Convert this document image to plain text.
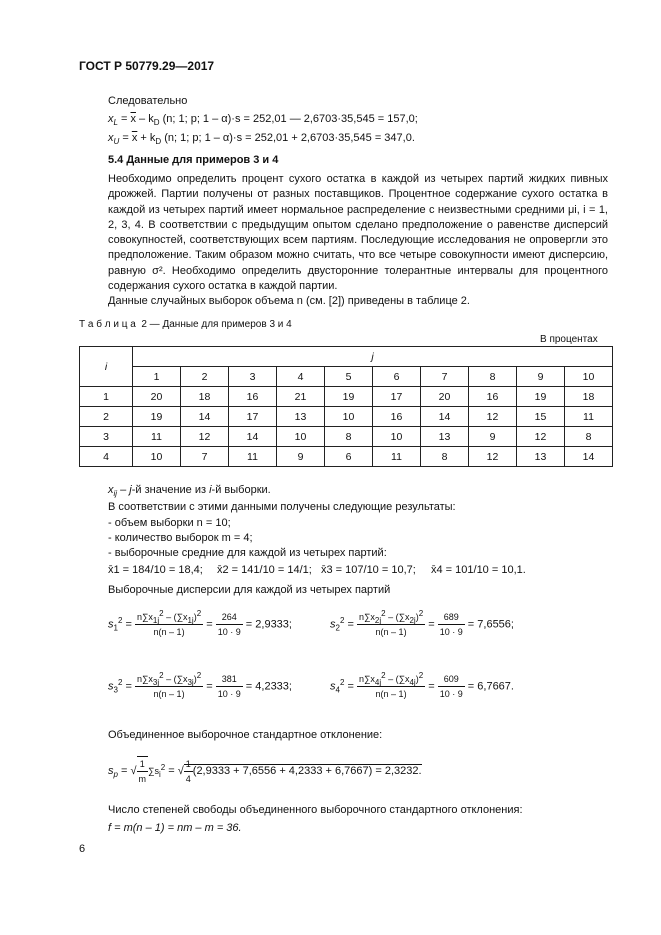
ГОСТ Р 50779.29—2017
Следовательно
$x_L = \overline{x} - k_D$ (n; 1; p; 1 – α)·s = 252,01 — 2,6703·35,545 = 157,0;
$x_U = \overline{x} + k_D$ (n; 1; p; 1 – α)·s = 252,01 + 2,6703·35,545 = 347,0.
5.4 Данные для примеров 3 и 4
Необходимо определить процент сухого остатка в каждой из четырех партий жидких пивных дрожжей. Партии получены от разных поставщиков. Процентное содержание сухого остатка в каждой из четырех партий имеет нормальное распределение с неизвестными средними μi, i = 1, 2, 3, 4. В соответствии с предыдущим опытом сделано предположение о равенстве дисперсий совокупностей, соответствующих всем партиям. Последующие исследования не опровергли это предположение. Таким образом можно считать, что все четыре совокупности имеют дисперсию, равную σ². Необходимо определить двусторонние толерантные интервалы для процентного содержания сухого остатка в каждой партии.
Данные случайных выборок объема n (см. [2]) приведены в таблице 2.
Т а б л и ц а 2 — Данные для примеров 3 и 4
В процентах
i	j									
	1	2	3	4	5	6	7	8	9	10
1	20	18	16	21	19	17	20	16	19	18
2	19	14	17	13	10	16	14	12	15	11
3	11	12	14	10	8	10	13	9	12	8
4	10	7	11	9	6	11	8	12	13	14
$x_{ij} - j-й$ значение из i-й выборки.
В соответствии с этими данными получены следующие результаты:
- объем выборки n = 10;
- количество выборок m = 4;
- выборочные средние для каждой из четырех партий:
x̄1 = 184/10 = 18,4; x̄2 = 141/10 = 14/1; x̄3 = 107/10 = 10,7; x̄4 = 101/10 = 10,1.
Выборочные дисперсии для каждой из четырех партий
$s_1^2 = \frac{n\sum x_{1j}^2 - (\sum x_{1j})^2}{n(n - 1)} = \frac{264}{10 \cdot 9} = 2,9333$;	$s_2^2 = \frac{n\sum x_{2j}^2 - (\sum x_{2j})^2}{n(n - 1)} = \frac{689}{10 \cdot 9} = 7,6556$;
$s_3^2 = \frac{n\sum x_{3j}^2 - (\sum x_{3j})^2}{n(n - 1)} = \frac{381}{10 \cdot 9} = 4,2333$;	$s_4^2 = \frac{n\sum x_{4j}^2 - (\sum x_{4j})^2}{n(n - 1)} = \frac{609}{10 \cdot 9} = 6,7667$.
Объединенное выборочное стандартное отклонение:
$s_p$ = √ $\frac{1}{m} \sum s_i^2$ = √ $\frac{1}{4} (2,9333 + 7,6556 + 4,2333 + 6,7667) = 2,3232$.
Число степеней свободы объединенного выборочного стандартного отклонения:
f = m(n – 1) = nm – m = 36.
6
